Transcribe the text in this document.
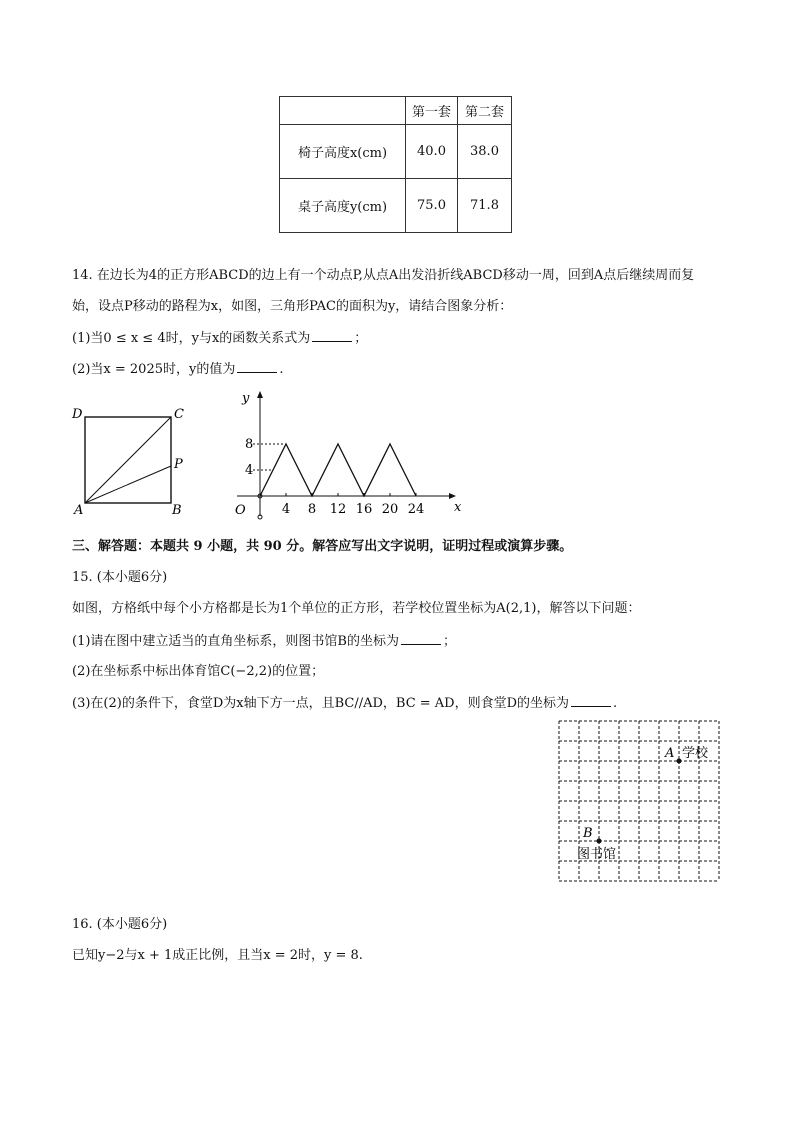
	第一套	第二套
椅子高度x(cm)	40.0	38.0
桌子高度y(cm)	75.0	71.8
14. 在边长为4的正方形ABCD的边上有一个动点P,从点A出发沿折线ABCD移动一周，回到A点后继续周而复
始，设点P移动的路程为x，如图，三角形PAC的面积为y，请结合图象分析：
(1)当0 ≤ x ≤ 4时，y与x的函数关系式为	；
(2)当x = 2025时，y的值为	.
D	C
P
A	B	4 8 12 16 20 24
y
x
O
8
4
三、解答题：本题共 9 小题，共 90 分。解答应写出文字说明，证明过程或演算步骤。
15. (本小题6分)
如图，方格纸中每个小方格都是长为1个单位的正方形，若学校位置坐标为A(2,1)，解答以下问题：
(1)请在图中建立适当的直角坐标系，则图书馆B的坐标为	；
(2)在坐标系中标出体育馆C(−2,2)的位置；
(3)在(2)的条件下，食堂D为x轴下方一点，且BC//AD，BC = AD，则食堂D的坐标为	.
A 学校
B
图书馆
16. (本小题6分)
已知y−2与x + 1成正比例，且当x = 2时，y = 8.
